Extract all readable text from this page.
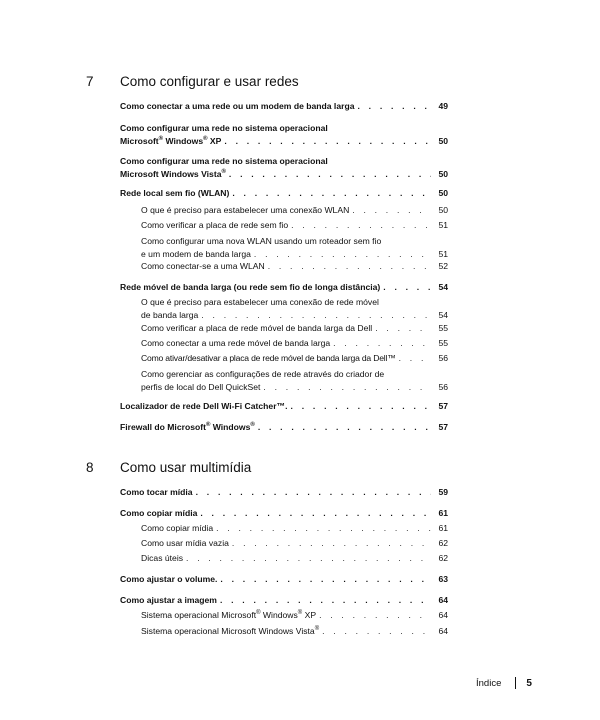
7 Como configurar e usar redes
Como conectar a uma rede ou um modem de banda larga . . .	49
Como configurar uma rede no sistema operacional
Microsoft® Windows® XP . . .	50
Como configurar uma rede no sistema operacional
Microsoft Windows Vista® . . .	50
Rede local sem fio (WLAN) . . .	50
O que é preciso para estabelecer uma conexão WLAN . . .	50
Como verificar a placa de rede sem fio . . .	51
Como configurar uma nova WLAN usando um roteador sem fio
e um modem de banda larga . . .	51
Como conectar-se a uma WLAN . . .	52
Rede móvel de banda larga (ou rede sem fio de longa distância) . . .	54
O que é preciso para estabelecer uma conexão de rede móvel
de banda larga . . .	54
Como verificar a placa de rede móvel de banda larga da Dell . . .	55
Como conectar a uma rede móvel de banda larga . . .	55
Como ativar/desativar a placa de rede móvel de banda larga da Dell™ . . .	56
Como gerenciar as configurações de rede através do criador de
perfis de local do Dell QuickSet . . .	56
Localizador de rede Dell Wi-Fi Catcher™. . . .	57
Firewall do Microsoft® Windows® . . .	57
8 Como usar multimídia
Como tocar mídia . . .	59
Como copiar mídia . . .	61
Como copiar mídia . . .	61
Como usar mídia vazia . . .	62
Dicas úteis . . .	62
Como ajustar o volume. . . .	63
Como ajustar a imagem . . .	64
Sistema operacional Microsoft® Windows® XP . . .	64
Sistema operacional Microsoft Windows Vista® . . .	64
Índice	5
